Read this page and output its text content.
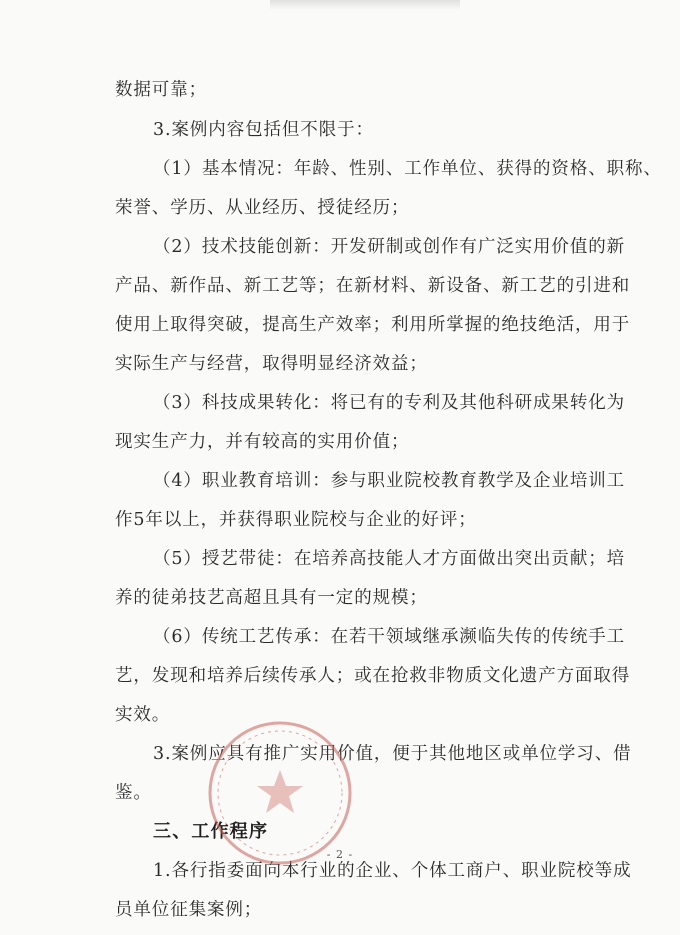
数据可靠；
3.案例内容包括但不限于：
（1）基本情况：年龄、性别、工作单位、获得的资格、职称、
荣誉、学历、从业经历、授徒经历；
（2）技术技能创新：开发研制或创作有广泛实用价值的新
产品、新作品、新工艺等；在新材料、新设备、新工艺的引进和
使用上取得突破，提高生产效率；利用所掌握的绝技绝活，用于
实际生产与经营，取得明显经济效益；
（3）科技成果转化：将已有的专利及其他科研成果转化为
现实生产力，并有较高的实用价值；
（4）职业教育培训：参与职业院校教育教学及企业培训工
作5年以上，并获得职业院校与企业的好评；
（5）授艺带徒：在培养高技能人才方面做出突出贡献；培
养的徒弟技艺高超且具有一定的规模；
（6）传统工艺传承：在若干领域继承濒临失传的传统手工
艺，发现和培养后续传承人；或在抢救非物质文化遗产方面取得
实效。
3.案例应具有推广实用价值，便于其他地区或单位学习、借
鉴。
三、工作程序
1.各行指委面向本行业的企业、个体工商户、职业院校等成
员单位征集案例；
- 2 -
